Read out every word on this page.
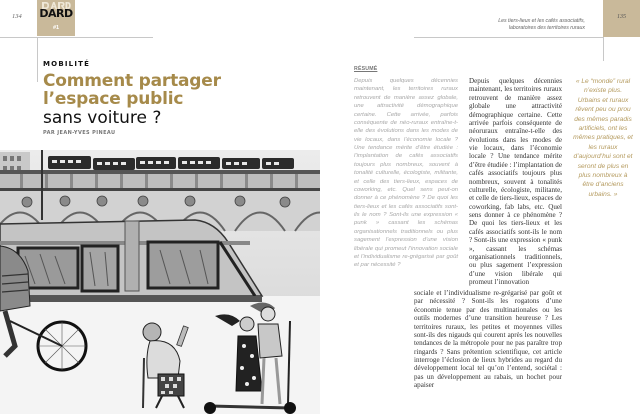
134 DARD
#1
Les tiers-lieux et les cafés associatifs,
laboratoires des territoires ruraux
135
MOBILITÉ
Comment partager
l’espace public
sans voiture ?
PAR JEAN-YVES PINEAU
RÉSUMÉ
Depuis quelques décennies maintenant, les territoires ruraux retrouvent de manière assez globale, une attractivité démographique certaine. Cette arrivée, parfois conséquente de néo-ruraux entraîne-t-elle des évolutions dans les modes de vie locaux, dans l’économie locale ? Une tendance mérite d’être étudiée : l’implantation de cafés associatifs toujours plus nombreux, souvent à tonalité culturelle, écologiste, militante, et celle des tiers-lieux, espaces de coworking, etc. Quel sens peut-on donner à ce phénomène ? De quoi les tiers-lieux et les cafés associatifs sont-ils le nom ? Sont-ils une expression « punk » cassant les schémas organisationnels traditionnels ou plus sagement l’expression d’une vision libérale qui promeut l’innovation sociale et l’individualisme re-grégarisé par goût et par nécessité ?
Depuis quelques décennies maintenant, les territoires ruraux retrouvent de manière assez globale une attractivité démographique certaine. Cette arrivée parfois conséquente de néoruraux entraîne-t-elle des évolutions dans les modes de vie locaux, dans l’économie locale ? Une tendance mérite d’être étudiée : l’implantation de cafés associatifs toujours plus nombreux, souvent à tonalités culturelle, écologiste, militante, et celle de tiers-lieux, espaces de coworking, fab labs, etc. Quel sens donner à ce phénomène ? De quoi les tiers-lieux et les cafés associatifs sont-ils le nom ? Sont-ils une expression « punk », cassant les schémas organisationnels traditionnels, ou plus sagement l’expression d’une vision libérale qui promeut l’innovation
sociale et l’individualisme re-grégarisé par goût et par nécessité ? Sont-ils les rogatons d’une économie tenue par des multinationales ou les outils modernes d’une transition heureuse ? Les territoires ruraux, les petites et moyennes villes sont-ils des nigauds qui courent après les nouvelles tendances de la métropole pour ne pas paraître trop ringards ? Sans prétention scientifique, cet article interroge l’éclosion de lieux hybrides au regard du développement local tel qu’on l’entend, sociétal : pas un développement au rabais, un hochet pour apaiser
« Le “monde” rural n’existe plus. Urbains et ruraux rêvent peu ou prou des mêmes paradis artificiels, ont les mêmes pratiques, et les ruraux d’aujourd’hui sont et seront de plus en plus nombreux à être d’anciens urbains. »
